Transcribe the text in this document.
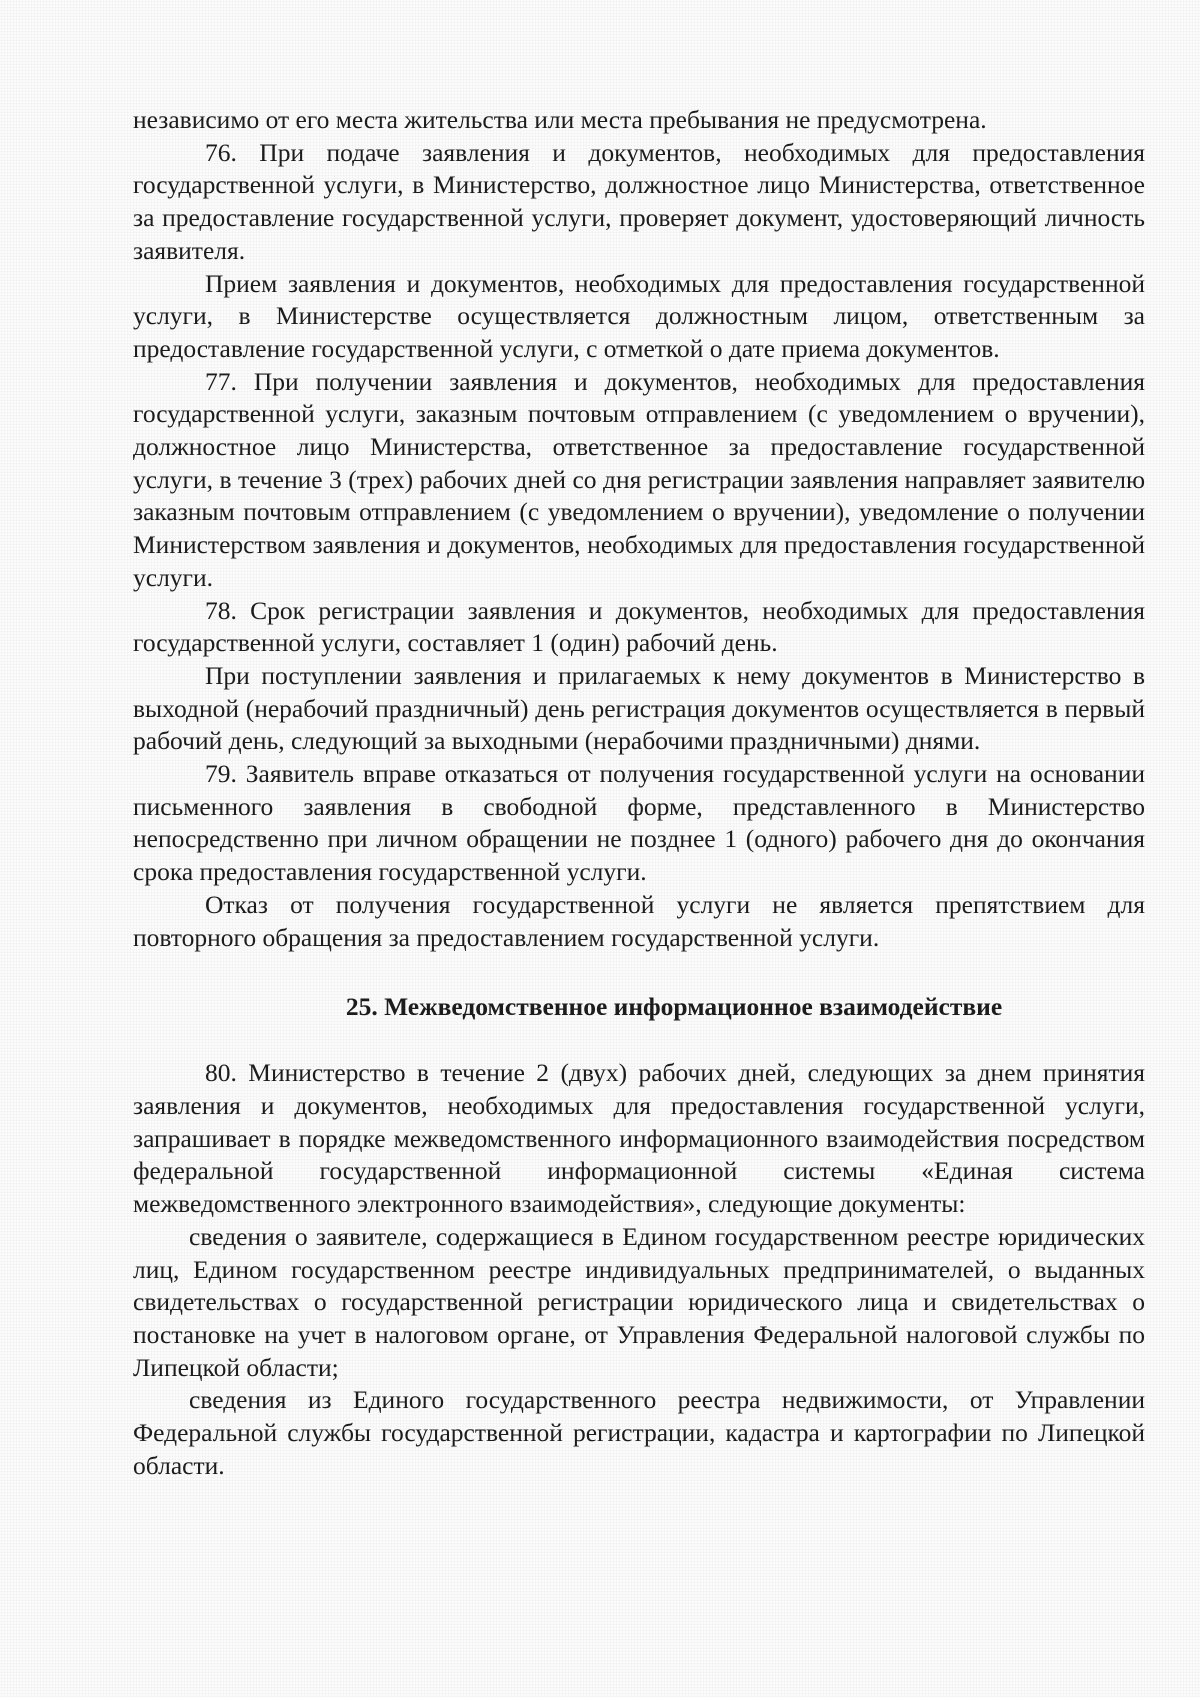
независимо от его места жительства или места пребывания не предусмотрена.

76. При подаче заявления и документов, необходимых для предоставления государственной услуги, в Министерство, должностное лицо Министерства, ответственное за предоставление государственной услуги, проверяет документ, удостоверяющий личность заявителя.

Прием заявления и документов, необходимых для предоставления государственной услуги, в Министерстве осуществляется должностным лицом, ответственным за предоставление государственной услуги, с отметкой о дате приема документов.

77. При получении заявления и документов, необходимых для предоставления государственной услуги, заказным почтовым отправлением (с уведомлением о вручении), должностное лицо Министерства, ответственное за предоставление государственной услуги, в течение 3 (трех) рабочих дней со дня регистрации заявления направляет заявителю заказным почтовым отправлением (с уведомлением о вручении), уведомление о получении Министерством заявления и документов, необходимых для предоставления государственной услуги.

78. Срок регистрации заявления и документов, необходимых для предоставления государственной услуги, составляет 1 (один) рабочий день.

При поступлении заявления и прилагаемых к нему документов в Министерство в выходной (нерабочий праздничный) день регистрация документов осуществляется в первый рабочий день, следующий за выходными (нерабочими праздничными) днями.

79. Заявитель вправе отказаться от получения государственной услуги на основании письменного заявления в свободной форме, представленного в Министерство непосредственно при личном обращении не позднее 1 (одного) рабочего дня до окончания срока предоставления государственной услуги.

Отказ от получения государственной услуги не является препятствием для повторного обращения за предоставлением государственной услуги.

25. Межведомственное информационное взаимодействие

80. Министерство в течение 2 (двух) рабочих дней, следующих за днем принятия заявления и документов, необходимых для предоставления государственной услуги, запрашивает в порядке межведомственного информационного взаимодействия посредством федеральной государственной информационной системы «Единая система межведомственного электронного взаимодействия», следующие документы:

сведения о заявителе, содержащиеся в Едином государственном реестре юридических лиц, Едином государственном реестре индивидуальных предпринимателей, о выданных свидетельствах о государственной регистрации юридического лица и свидетельствах о постановке на учет в налоговом органе, от Управления Федеральной налоговой службы по Липецкой области;

сведения из Единого государственного реестра недвижимости, от Управлении Федеральной службы государственной регистрации, кадастра и картографии по Липецкой области.
